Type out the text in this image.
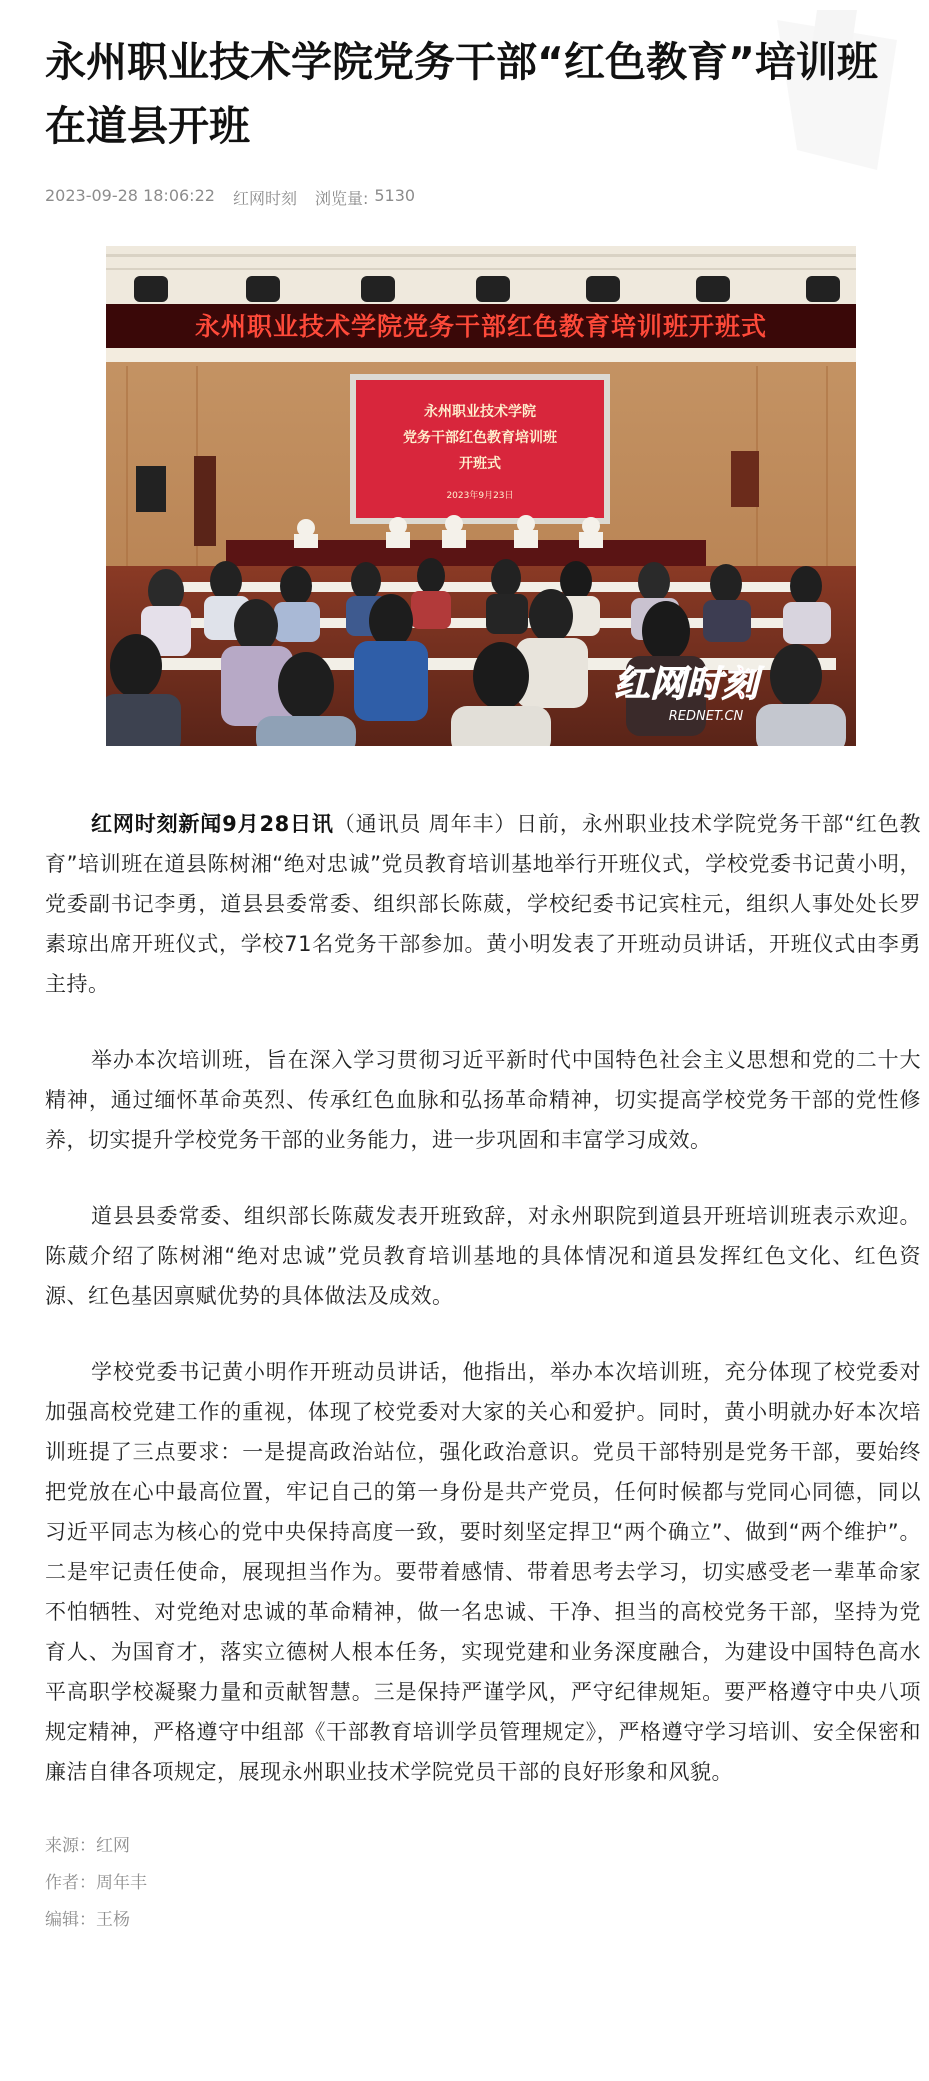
永州职业技术学院党务干部“红色教育”培训班在道县开班
2023-09-28 18:06:22 红网时刻 浏览量: 5130
永州职业技术学院党务干部红色教育培训班开班式
永州职业技术学院
党务干部红色教育培训班
开班式
2023年9月23日
红网时刻
REDNET.CN

红网时刻新闻9月28日讯（通讯员 周年丰）日前，永州职业技术学院党务干部“红色教育”培训班在道县陈树湘“绝对忠诚”党员教育培训基地举行开班仪式，学校党委书记黄小明，党委副书记李勇，道县县委常委、组织部长陈葳，学校纪委书记宾柱元，组织人事处处长罗素琼出席开班仪式，学校71名党务干部参加。黄小明发表了开班动员讲话，开班仪式由李勇主持。

举办本次培训班，旨在深入学习贯彻习近平新时代中国特色社会主义思想和党的二十大精神，通过缅怀革命英烈、传承红色血脉和弘扬革命精神，切实提高学校党务干部的党性修养，切实提升学校党务干部的业务能力，进一步巩固和丰富学习成效。

道县县委常委、组织部长陈葳发表开班致辞，对永州职院到道县开班培训班表示欢迎。陈葳介绍了陈树湘“绝对忠诚”党员教育培训基地的具体情况和道县发挥红色文化、红色资源、红色基因禀赋优势的具体做法及成效。

学校党委书记黄小明作开班动员讲话，他指出，举办本次培训班，充分体现了校党委对加强高校党建工作的重视，体现了校党委对大家的关心和爱护。同时，黄小明就办好本次培训班提了三点要求：一是提高政治站位，强化政治意识。党员干部特别是党务干部，要始终把党放在心中最高位置，牢记自己的第一身份是共产党员，任何时候都与党同心同德，同以习近平同志为核心的党中央保持高度一致，要时刻坚定捍卫“两个确立”、做到“两个维护”。二是牢记责任使命，展现担当作为。要带着感情、带着思考去学习，切实感受老一辈革命家不怕牺牲、对党绝对忠诚的革命精神，做一名忠诚、干净、担当的高校党务干部，坚持为党育人、为国育才，落实立德树人根本任务，实现党建和业务深度融合，为建设中国特色高水平高职学校凝聚力量和贡献智慧。三是保持严谨学风，严守纪律规矩。要严格遵守中央八项规定精神，严格遵守中组部《干部教育培训学员管理规定》，严格遵守学习培训、安全保密和廉洁自律各项规定，展现永州职业技术学院党员干部的良好形象和风貌。

来源：红网
作者：周年丰
编辑：王杨
